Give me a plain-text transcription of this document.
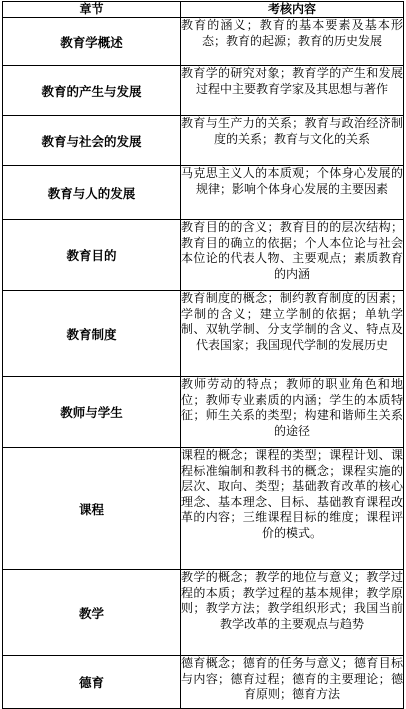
章节	考核内容
教育学概述	教育的涵义；教育的基本要素及基本形态；教育的起源；教育的历史发展
教育的产生与发展	教育学的研究对象；教育学的产生和发展过程中主要教育学家及其思想与著作
教育与社会的发展	教育与生产力的关系；教育与政治经济制度的关系；教育与文化的关系
教育与人的发展	马克思主义人的本质观；个体身心发展的规律；影响个体身心发展的主要因素
教育目的	教育目的的含义；教育目的的层次结构；教育目的确立的依据；个人本位论与社会本位论的代表人物、主要观点；素质教育的内涵
教育制度	教育制度的概念；制约教育制度的因素；学制的含义；建立学制的依据；单轨学制、双轨学制、分支学制的含义、特点及代表国家；我国现代学制的发展历史
教师与学生	教师劳动的特点；教师的职业角色和地位；教师专业素质的内涵；学生的本质特征；师生关系的类型；构建和谐师生关系的途径
课程	课程的概念；课程的类型；课程计划、课程标准编制和教科书的概念；课程实施的层次、取向、类型；基础教育改革的核心理念、基本理念、目标、基础教育课程改革的内容；三维课程目标的维度；课程评价的模式。
教学	教学的概念；教学的地位与意义；教学过程的本质；教学过程的基本规律；教学原则；教学方法；教学组织形式；我国当前教学改革的主要观点与趋势
德育	德育概念；德育的任务与意义；德育目标与内容；德育过程；德育的主要理论；德育原则；德育方法
